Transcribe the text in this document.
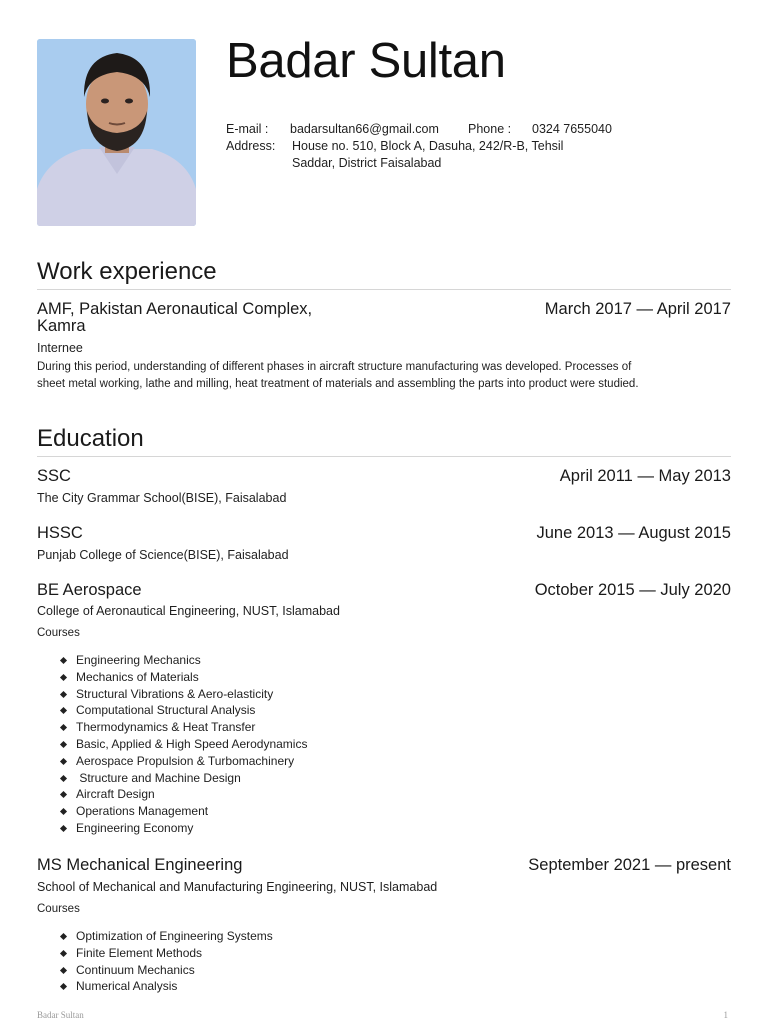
Badar Sultan
E-mail : badarsultan66@gmail.com Phone : 0324 7655040
Address: House no. 510, Block A, Dasuha, 242/R-B, Tehsil
Saddar, District Faisalabad
Work experience
AMF, Pakistan Aeronautical Complex,
Kamra
March 2017 — April 2017
Internee
During this period, understanding of different phases in aircraft structure manufacturing was developed. Processes of
sheet metal working, lathe and milling, heat treatment of materials and assembling the parts into product were studied.
Education
SSC	April 2011 — May 2013
The City Grammar School(BISE), Faisalabad
HSSC	June 2013 — August 2015
Punjab College of Science(BISE), Faisalabad
BE Aerospace	October 2015 — July 2020
College of Aeronautical Engineering, NUST, Islamabad
Courses
Engineering Mechanics
Mechanics of Materials
Structural Vibrations & Aero-elasticity
Computational Structural Analysis
Thermodynamics & Heat Transfer
Basic, Applied & High Speed Aerodynamics
Aerospace Propulsion & Turbomachinery
Structure and Machine Design
Aircraft Design
Operations Management
Engineering Economy
MS Mechanical Engineering	September 2021 — present
School of Mechanical and Manufacturing Engineering, NUST, Islamabad
Courses
Optimization of Engineering Systems
Finite Element Methods
Continuum Mechanics
Numerical Analysis
Badar Sultan	1
